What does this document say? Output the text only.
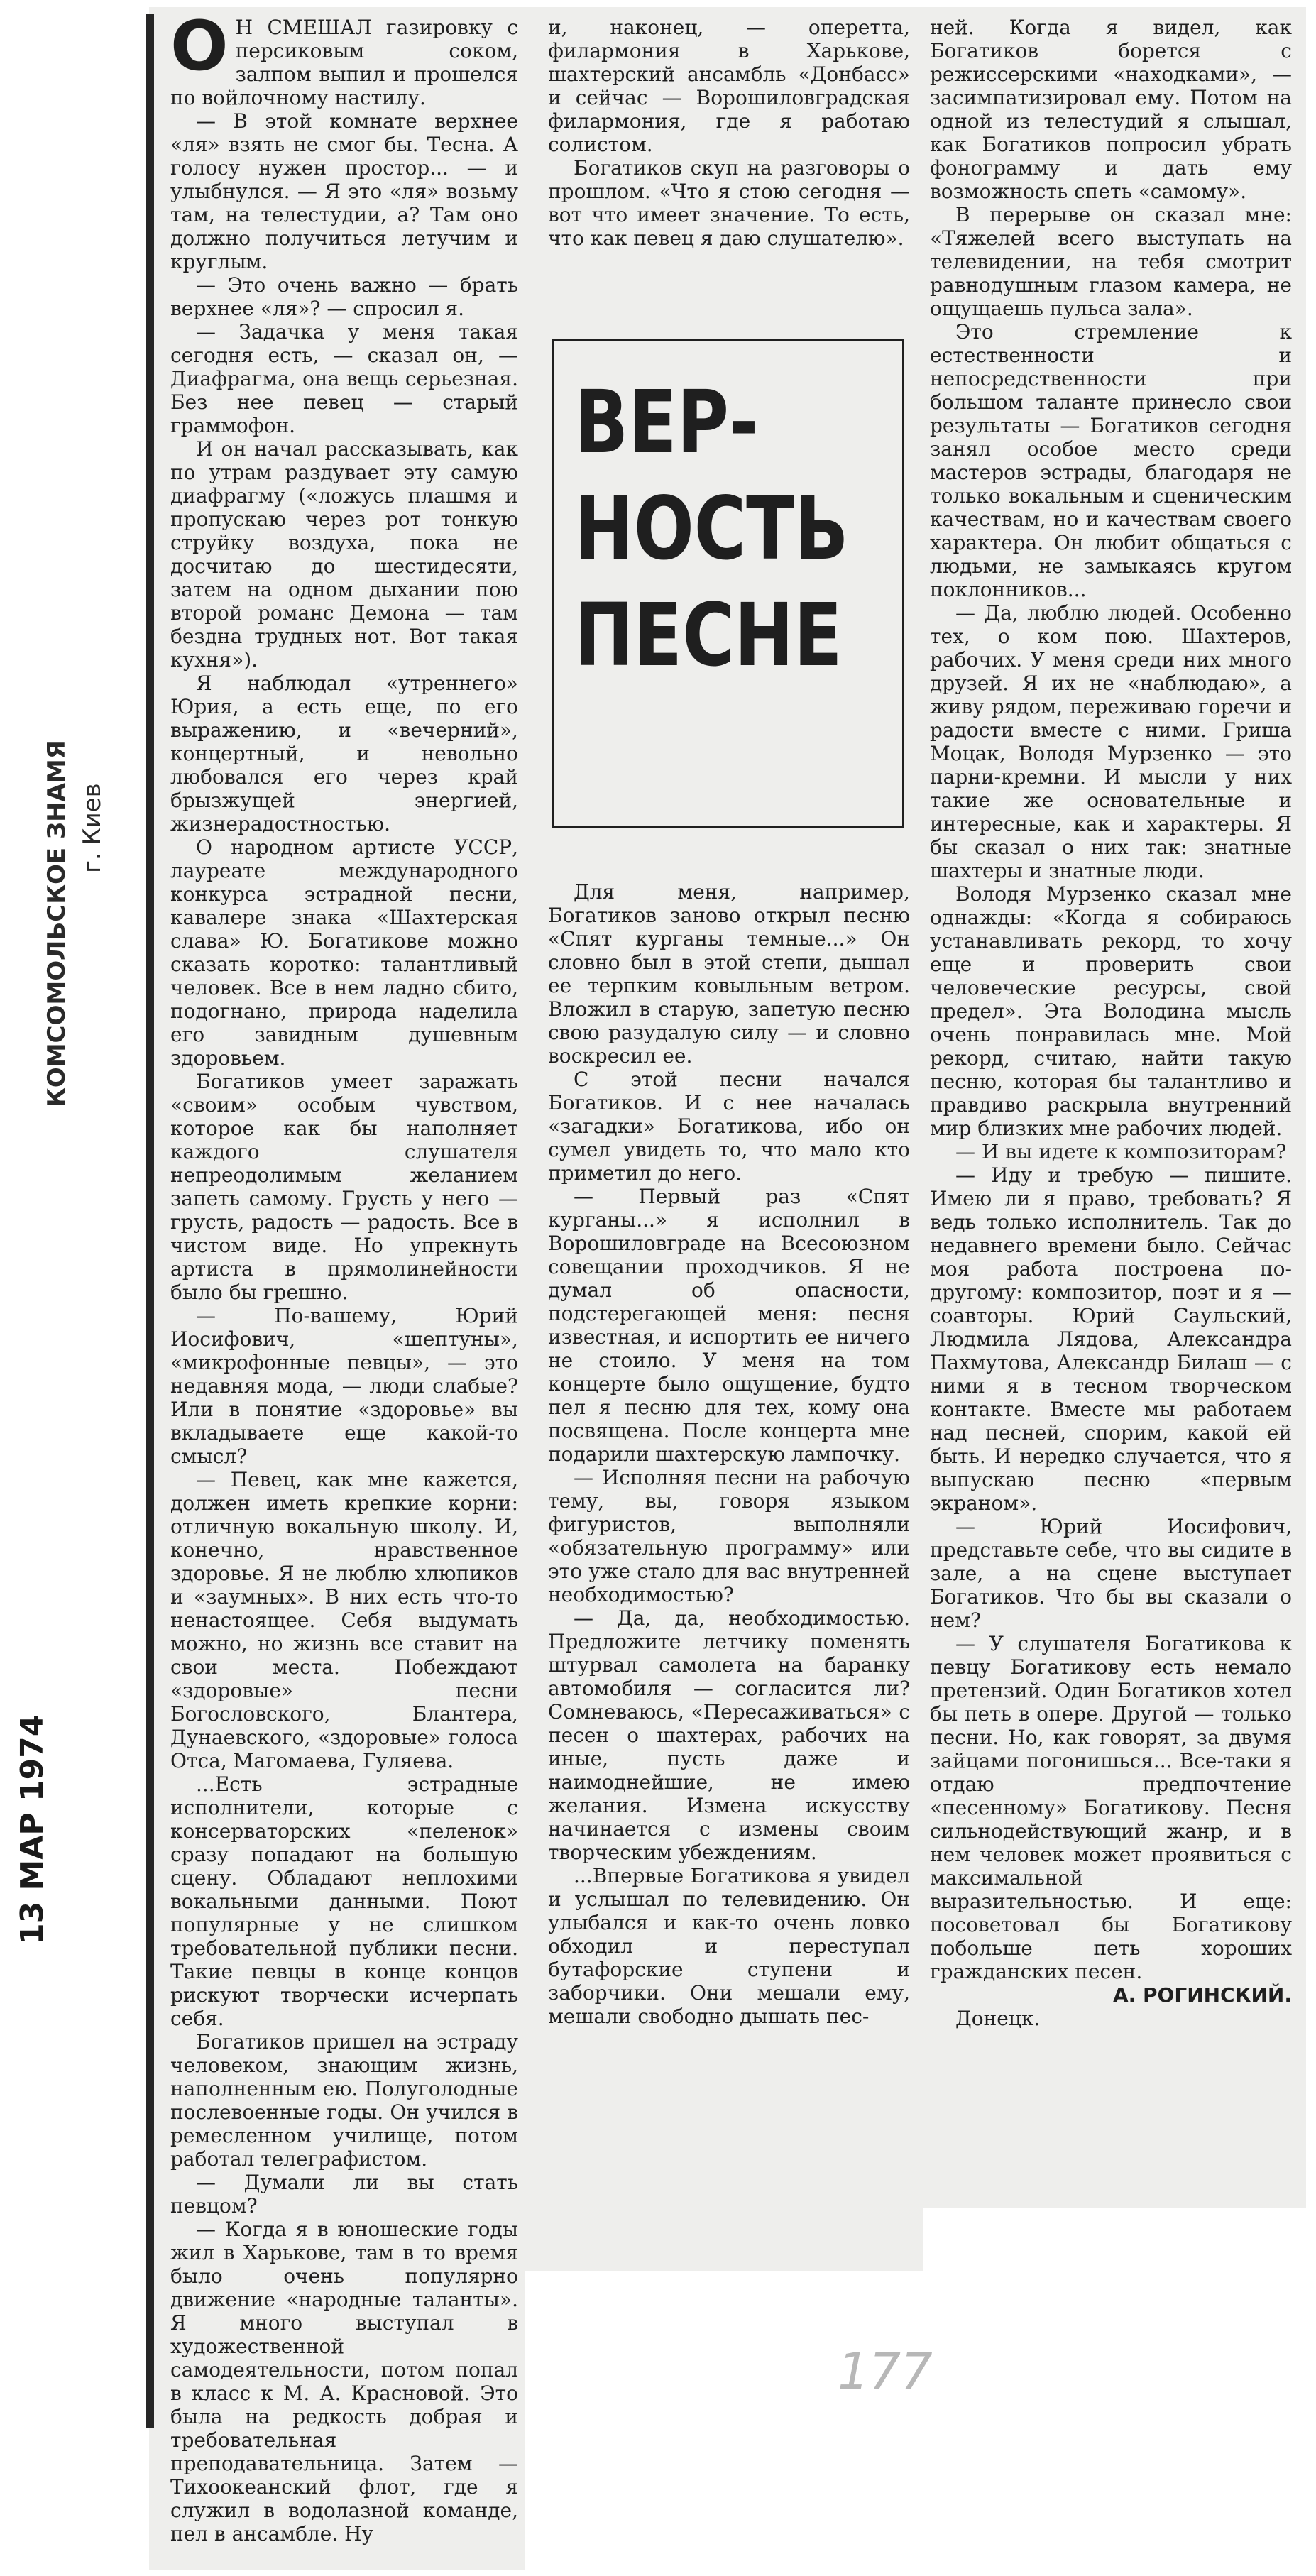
КОМСОМОЛЬСКОЕ ЗНАМЯ г. Киев
13 МАР 1974
О Н СМЕШАЛ газировку с персиковым соком, залпом выпил и прошелся по войлочному настилу.

— В этой комнате верхнее «ля» взять не смог бы. Тесна. А голосу нужен простор... — и улыбнулся. — Я это «ля» возьму там, на телестудии, а? Там оно должно получиться летучим и круглым.

— Это очень важно — брать верхнее «ля»? — спросил я.

— Задачка у меня такая сегодня есть, — сказал он, — Диафрагма, она вещь серьезная. Без нее певец — старый граммофон.

И он начал рассказывать, как по утрам раздувает эту самую диафрагму («ложусь плашмя и пропускаю через рот тонкую струйку воздуха, пока не досчитаю до шестидесяти, затем на одном дыхании пою второй романс Демона — там бездна трудных нот. Вот такая кухня»).

Я наблюдал «утреннего» Юрия, а есть еще, по его выражению, и «вечерний», концертный, и невольно любовался его через край брызжущей энергией, жизнерадостностью.

О народном артисте УССР, лауреате международного конкурса эстрадной песни, кавалере знака «Шахтерская слава» Ю. Богатикове можно сказать коротко: талантливый человек. Все в нем ладно сбито, подогнано, природа наделила его завидным душевным здоровьем.

Богатиков умеет заражать «своим» особым чувством, которое как бы наполняет каждого слушателя непреодолимым желанием запеть самому. Грусть у него — грусть, радость — радость. Все в чистом виде. Но упрекнуть артиста в прямолинейности было бы грешно.

— По-вашему, Юрий Иосифович, «шептуны», «микрофонные певцы», — это недавняя мода, — люди слабые? Или в понятие «здоровье» вы вкладываете еще какой-то смысл?

— Певец, как мне кажется, должен иметь крепкие корни: отличную вокальную школу. И, конечно, нравственное здоровье. Я не люблю хлюпиков и «заумных». В них есть что-то ненастоящее. Себя выдумать можно, но жизнь все ставит на свои места. Побеждают «здоровые» песни Богословского, Блантера, Дунаевского, «здоровые» голоса Отса, Магомаева, Гуляева.

...Есть эстрадные исполнители, которые с консерваторских «пеленок» сразу попадают на большую сцену. Обладают неплохими вокальными данными. Поют популярные у не слишком требовательной публики песни. Такие певцы в конце концов рискуют творчески исчерпать себя.

Богатиков пришел на эстраду человеком, знающим жизнь, наполненным ею. Полуголодные послевоенные годы. Он учился в ремесленном училище, потом работал телеграфистом.

— Думали ли вы стать певцом?

— Когда я в юношеские годы жил в Харькове, там в то время было очень популярно движение «народные таланты». Я много выступал в художественной самодеятельности, потом попал в класс к М. А. Красновой. Это была на редкость добрая и требовательная преподавательница. Затем — Тихоокеанский флот, где я служил в водолазной команде, пел в ансамбле. Ну

и, наконец, — оперетта, филармония в Харькове, шахтерский ансамбль «Донбасс» и сейчас — Ворошиловградская филармония, где я работаю солистом.

Богатиков скуп на разговоры о прошлом. «Что я стою сегодня — вот что имеет значение. То есть, что как певец я даю слушателю».

ВЕР-
НОСТЬ
ПЕСНЕ

Для меня, например, Богатиков заново открыл песню «Спят курганы темные...» Он словно был в этой степи, дышал ее терпким ковыльным ветром. Вложил в старую, запетую песню свою разудалую силу — и словно воскресил ее.

С этой песни начался Богатиков. И с нее началась «загадки» Богатикова, ибо он сумел увидеть то, что мало кто приметил до него.

— Первый раз «Спят курганы...» я исполнил в Ворошиловграде на Всесоюзном совещании проходчиков. Я не думал об опасности, подстерегающей меня: песня известная, и испортить ее ничего не стоило. У меня на том концерте было ощущение, будто пел я песню для тех, кому она посвящена. После концерта мне подарили шахтерскую лампочку.

— Исполняя песни на рабочую тему, вы, говоря языком фигуристов, выполняли «обязательную программу» или это уже стало для вас внутренней необходимостью?

— Да, да, необходимостью. Предложите летчику поменять штурвал самолета на баранку автомобиля — согласится ли? Сомневаюсь, «Пересаживаться» с песен о шахтерах, рабочих на иные, пусть даже и наимоднейшие, не имею желания. Измена искусству начинается с измены своим творческим убеждениям.

...Впервые Богатикова я увидел и услышал по телевидению. Он улыбался и как-то очень ловко обходил и переступал бутафорские ступени и заборчики. Они мешали ему, мешали свободно дышать пес-

ней. Когда я видел, как Богатиков борется с режиссерскими «находками», — засимпатизировал ему. Потом на одной из телестудий я слышал, как Богатиков попросил убрать фонограмму и дать ему возможность спеть «самому».

В перерыве он сказал мне: «Тяжелей всего выступать на телевидении, на тебя смотрит равнодушным глазом камера, не ощущаешь пульса зала».

Это стремление к естественности и непосредственности при большом таланте принесло свои результаты — Богатиков сегодня занял особое место среди мастеров эстрады, благодаря не только вокальным и сценическим качествам, но и качествам своего характера. Он любит общаться с людьми, не замыкаясь кругом поклонников...

— Да, люблю людей. Особенно тех, о ком пою. Шахтеров, рабочих. У меня среди них много друзей. Я их не «наблюдаю», а живу рядом, переживаю горечи и радости вместе с ними. Гриша Моцак, Володя Мурзенко — это парни-кремни. И мысли у них такие же основательные и интересные, как и характеры. Я бы сказал о них так: знатные шахтеры и знатные люди.

Володя Мурзенко сказал мне однажды: «Когда я собираюсь устанавливать рекорд, то хочу еще и проверить свои человеческие ресурсы, свой предел». Эта Володина мысль очень понравилась мне. Мой рекорд, считаю, найти такую песню, которая бы талантливо и правдиво раскрыла внутренний мир близких мне рабочих людей.

— И вы идете к композиторам?

— Иду и требую — пишите. Имею ли я право, требовать? Я ведь только исполнитель. Так до недавнего времени было. Сейчас моя работа построена по-другому: композитор, поэт и я — соавторы. Юрий Саульский, Людмила Лядова, Александра Пахмутова, Александр Билаш — с ними я в тесном творческом контакте. Вместе мы работаем над песней, спорим, какой ей быть. И нередко случается, что я выпускаю песню «первым экраном».

— Юрий Иосифович, представьте себе, что вы сидите в зале, а на сцене выступает Богатиков. Что бы вы сказали о нем?

— У слушателя Богатикова к певцу Богатикову есть немало претензий. Один Богатиков хотел бы петь в опере. Другой — только песни. Но, как говорят, за двумя зайцами погонишься... Все-таки я отдаю предпочтение «песенному» Богатикову. Песня сильнодействующий жанр, и в нем человек может проявиться с максимальной выразительностью. И еще: посоветовал бы Богатикову побольше петь хороших гражданских песен.

А. РОГИНСКИЙ.

Донецк.

177
